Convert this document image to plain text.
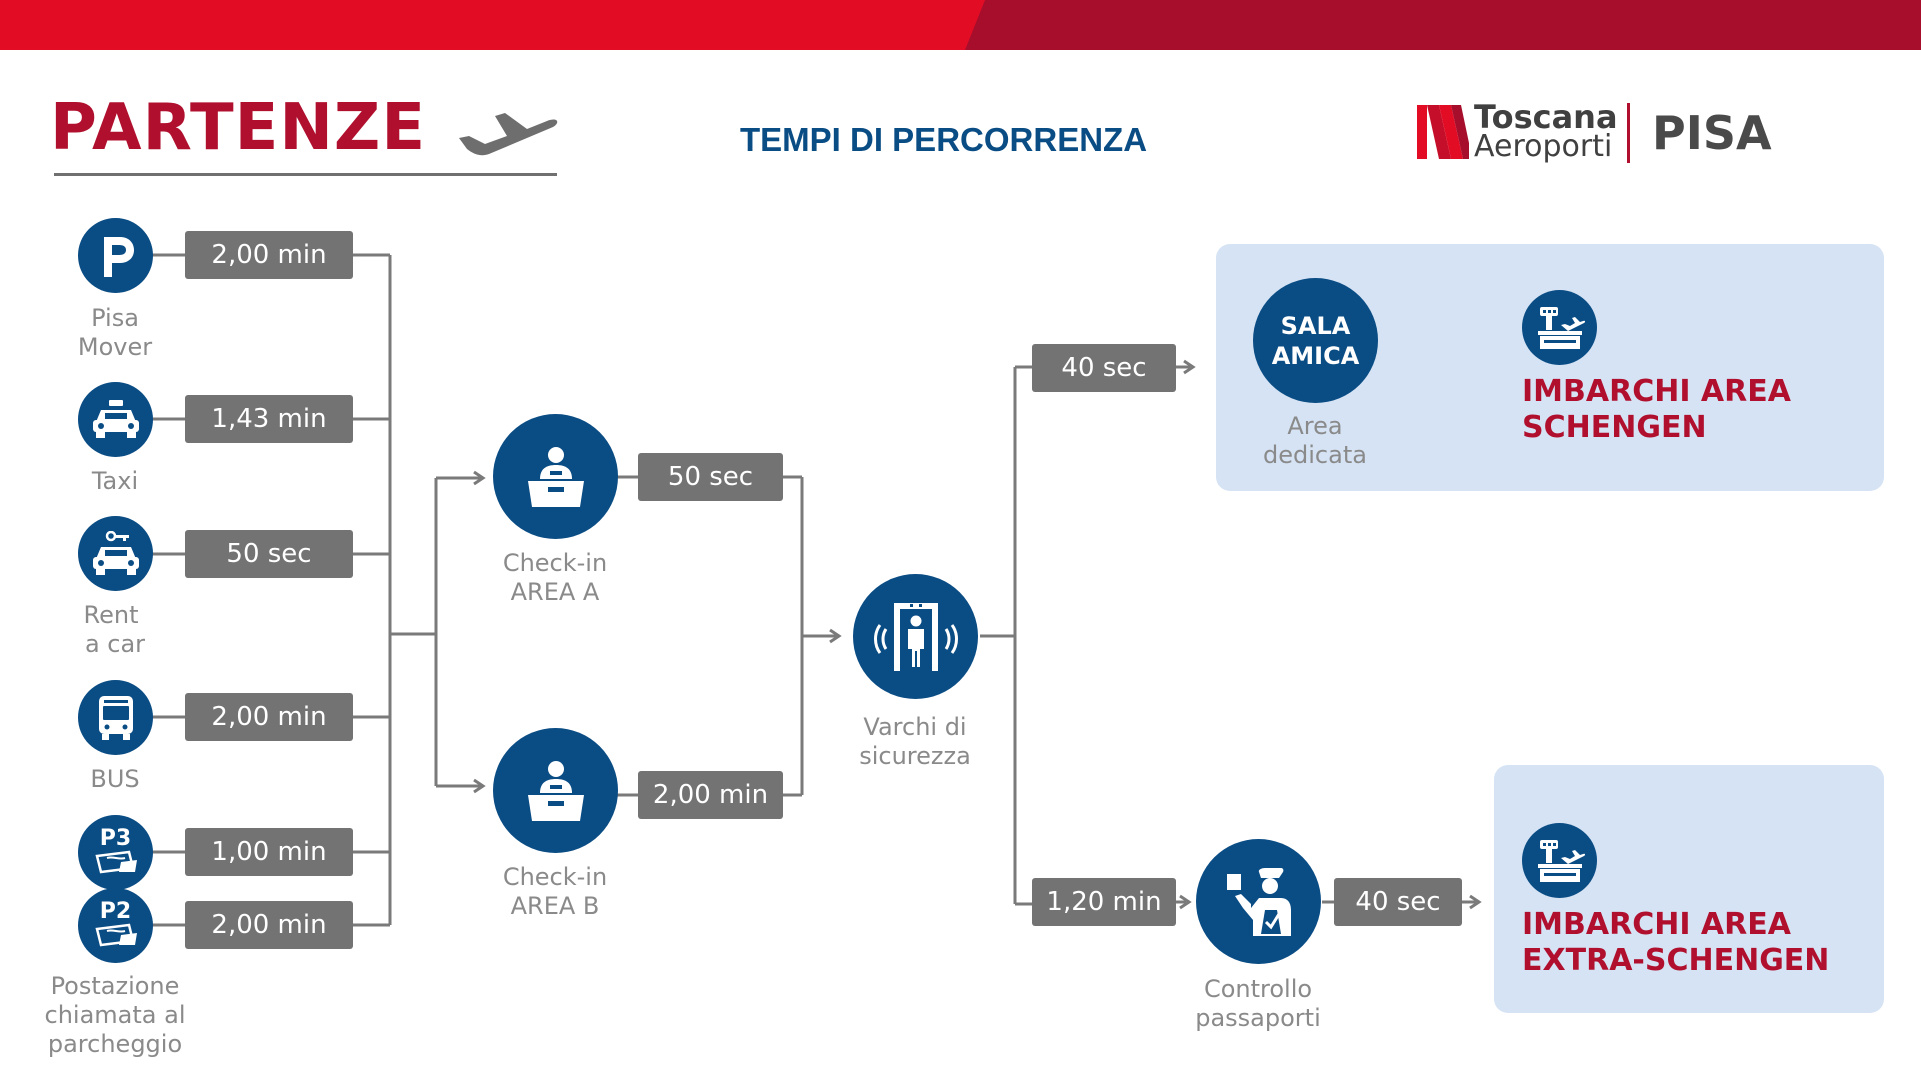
PARTENZE	TEMPI DI PERCORRENZA
Toscana
Aeroporti PISA
Pisa
Mover
2,00 min
Taxi
1,43 min
Rent
a car
50 sec
BUS
2,00 min
P3	1,00 min
P2
Postazione
chiamata al
parcheggio
2,00 min
Check-in
AREA A
50 sec
Check-in
AREA B
2,00 min
Varchi di
sicurezza
40 sec
SALA
AMICA
Area
dedicata
IMBARCHI AREA
SCHENGEN
1,20 min
Controllo
passaporti
40 sec
IMBARCHI AREA
EXTRA-SCHENGEN
